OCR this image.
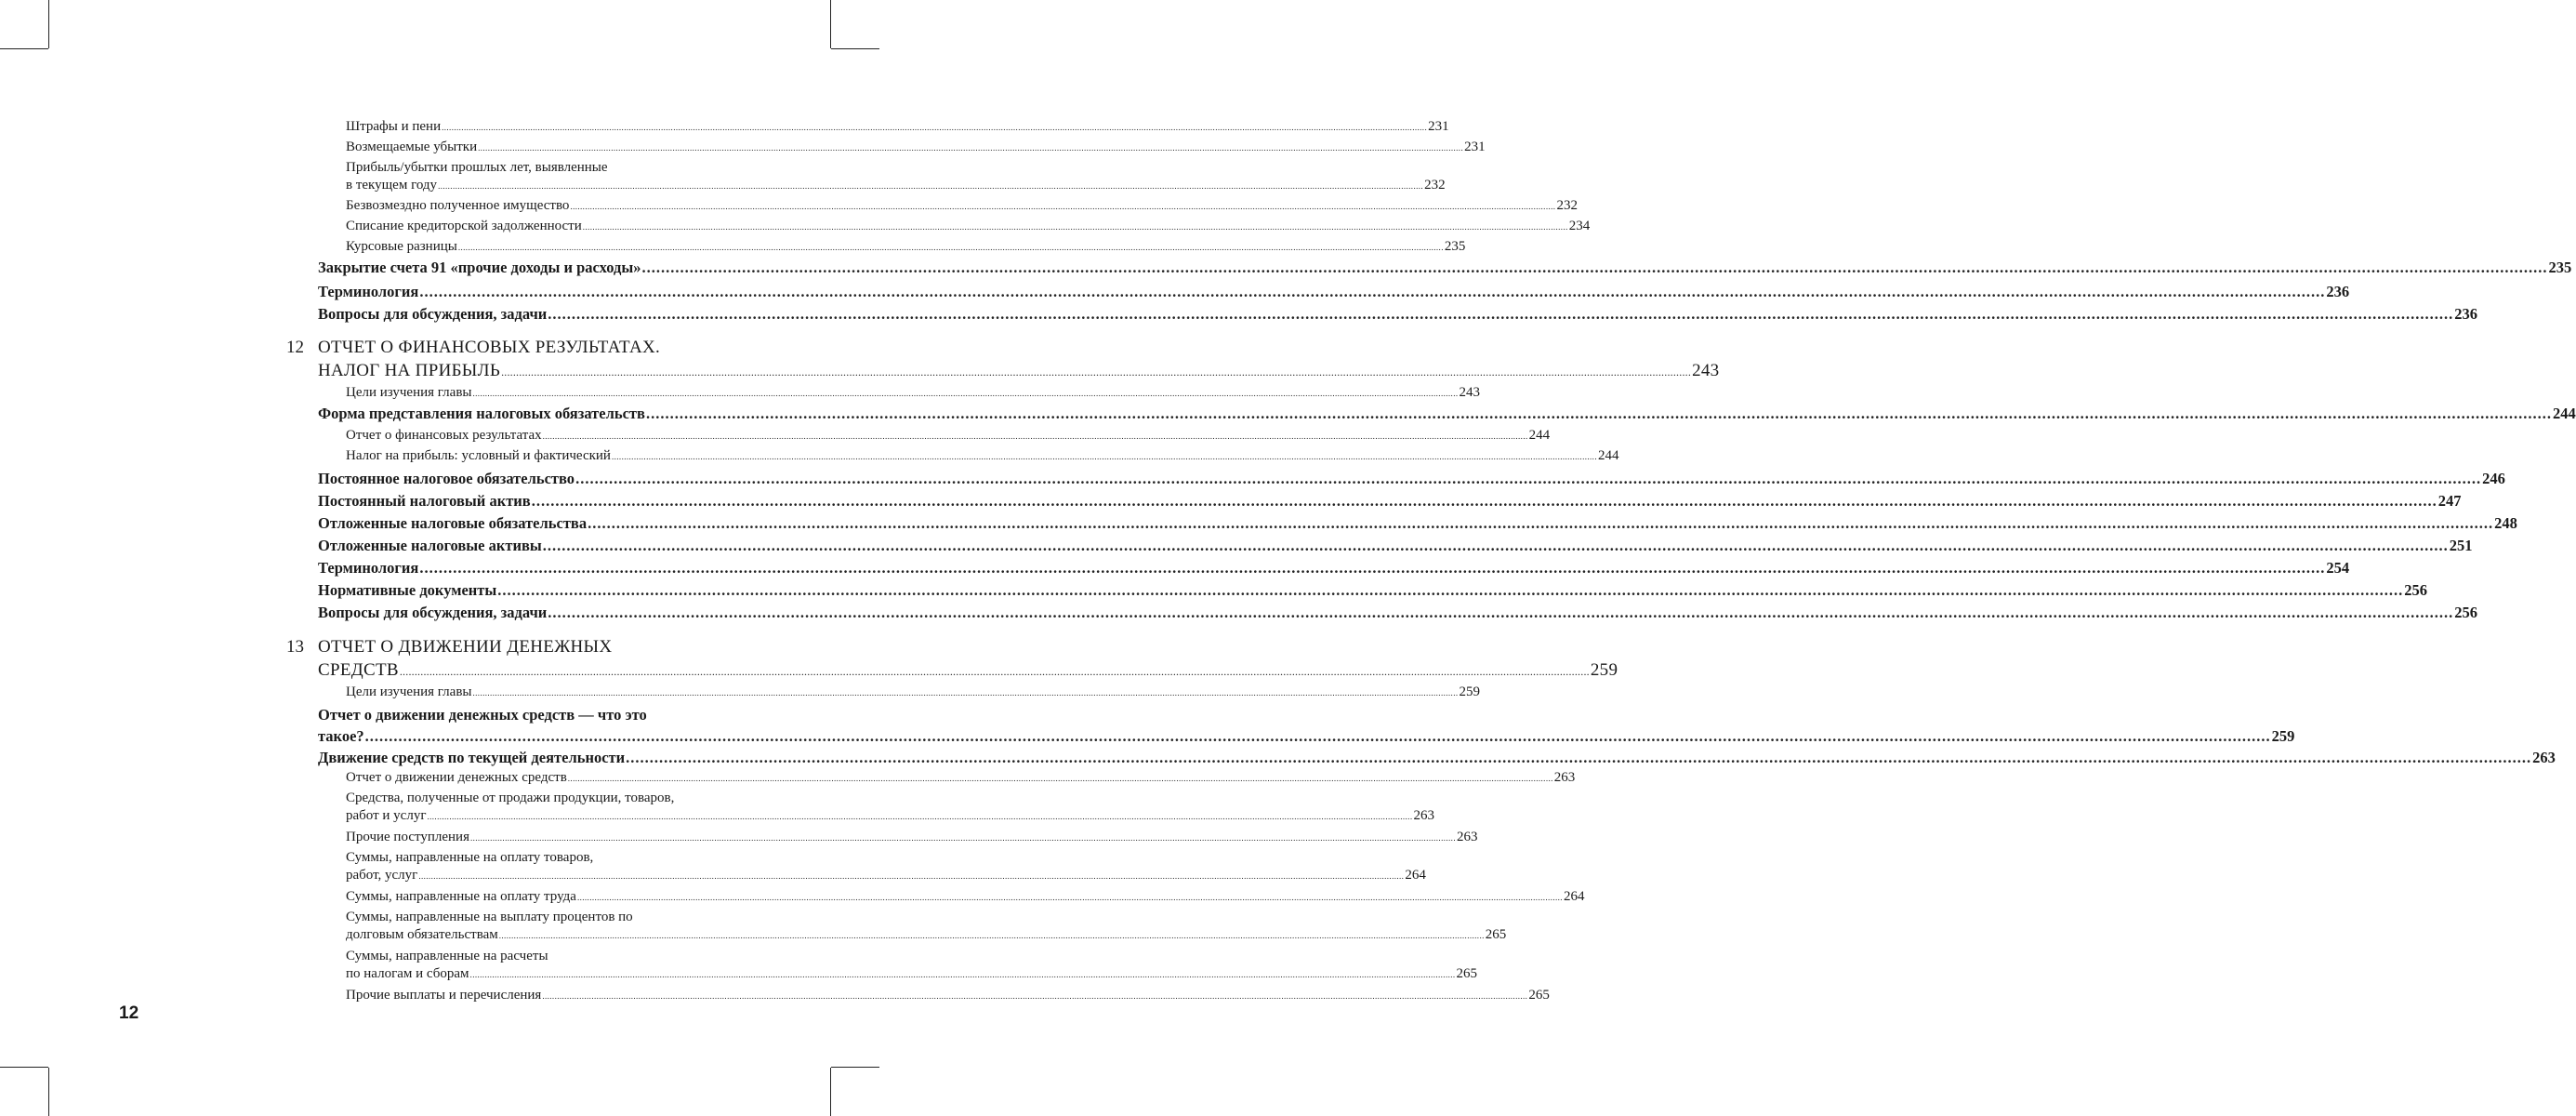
Штрафы и пени ................................................................................................................................................................................................................................................................................................................................................................................................................ 231
Возмещаемые убытки ................................................................................................................................................................................................................................................................................................................................................................................................................ 231
Прибыль/убытки прошлых лет, выявленные
в текущем году ................................................................................................................................................................................................................................................................................................................................................................................................................ 232
Безвозмездно полученное имущество ................................................................................................................................................................................................................................................................................................................................................................................................................ 232
Списание кредиторской задолженности ................................................................................................................................................................................................................................................................................................................................................................................................................ 234
Курсовые разницы ................................................................................................................................................................................................................................................................................................................................................................................................................ 235
Закрытие счета 91 «прочие доходы и расходы» ................................................................................................................................................................................................................................................................................................................................................................................................................ 235
Терминология ................................................................................................................................................................................................................................................................................................................................................................................................................ 236
Вопросы для обсуждения, задачи ................................................................................................................................................................................................................................................................................................................................................................................................................ 236
12 ОТЧЕТ О ФИНАНСОВЫХ РЕЗУЛЬТАТАХ.
НАЛОГ НА ПРИБЫЛЬ ................................................................................................................................................................................................................................................................................................................................................................................................................ 243
Цели изучения главы ................................................................................................................................................................................................................................................................................................................................................................................................................ 243
Форма представления налоговых обязательств ................................................................................................................................................................................................................................................................................................................................................................................................................ 244
Отчет о финансовых результатах ................................................................................................................................................................................................................................................................................................................................................................................................................ 244
Налог на прибыль: условный и фактический ................................................................................................................................................................................................................................................................................................................................................................................................................ 244
Постоянное налоговое обязательство ................................................................................................................................................................................................................................................................................................................................................................................................................ 246
Постоянный налоговый актив ................................................................................................................................................................................................................................................................................................................................................................................................................ 247
Отложенные налоговые обязательства ................................................................................................................................................................................................................................................................................................................................................................................................................ 248
Отложенные налоговые активы ................................................................................................................................................................................................................................................................................................................................................................................................................ 251
Терминология ................................................................................................................................................................................................................................................................................................................................................................................................................ 254
Нормативные документы ................................................................................................................................................................................................................................................................................................................................................................................................................ 256
Вопросы для обсуждения, задачи ................................................................................................................................................................................................................................................................................................................................................................................................................ 256
13 ОТЧЕТ О ДВИЖЕНИИ ДЕНЕЖНЫХ
СРЕДСТВ ................................................................................................................................................................................................................................................................................................................................................................................................................ 259
Цели изучения главы ................................................................................................................................................................................................................................................................................................................................................................................................................ 259
Отчет о движении денежных средств — что это
такое? ................................................................................................................................................................................................................................................................................................................................................................................................................ 259
Движение средств по текущей деятельности ................................................................................................................................................................................................................................................................................................................................................................................................................ 263
Отчет о движении денежных средств ................................................................................................................................................................................................................................................................................................................................................................................................................ 263
Средства, полученные от продажи продукции, товаров,
работ и услуг ................................................................................................................................................................................................................................................................................................................................................................................................................ 263
Прочие поступления ................................................................................................................................................................................................................................................................................................................................................................................................................ 263
Суммы, направленные на оплату товаров,
работ, услуг ................................................................................................................................................................................................................................................................................................................................................................................................................ 264
Суммы, направленные на оплату труда ................................................................................................................................................................................................................................................................................................................................................................................................................ 264
Суммы, направленные на выплату процентов по
долговым обязательствам ................................................................................................................................................................................................................................................................................................................................................................................................................ 265
Суммы, направленные на расчеты
по налогам и сборам ................................................................................................................................................................................................................................................................................................................................................................................................................ 265
Прочие выплаты и перечисления ................................................................................................................................................................................................................................................................................................................................................................................................................ 265
12
